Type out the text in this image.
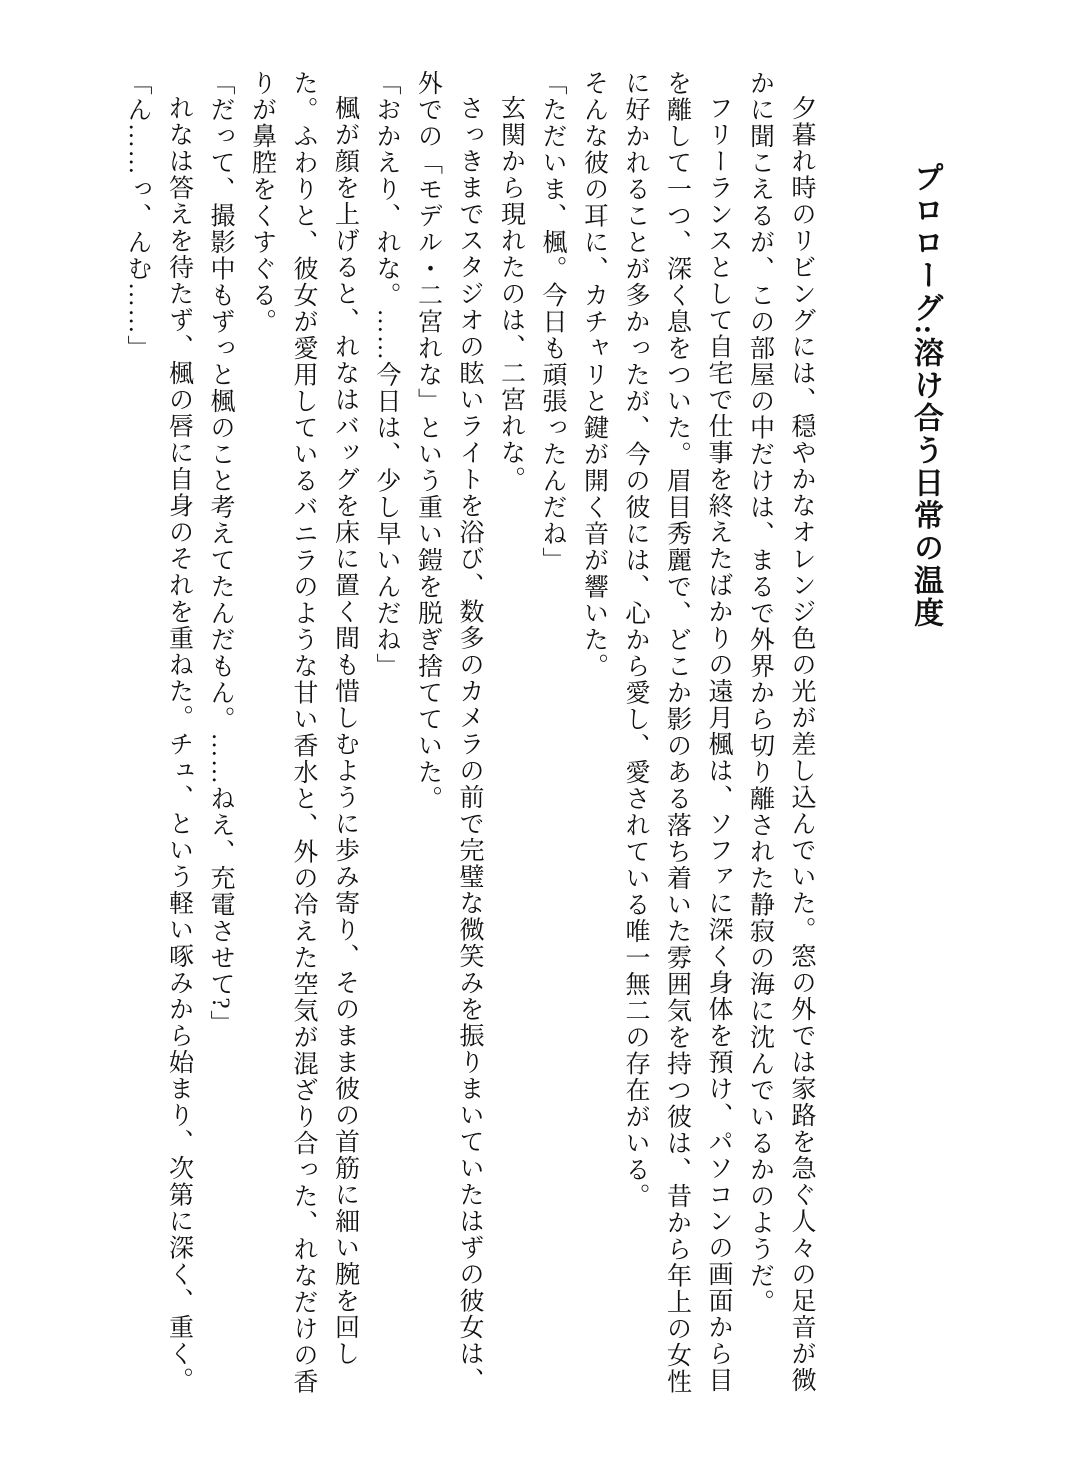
プロローグ:溶け合う日常の温度

夕暮れ時のリビングには、穏やかなオレンジ色の光が差し込んでいた。窓の外では家路を急ぐ人々の足音が微かに聞こえるが、この部屋の中だけは、まるで外界から切り離された静寂の海に沈んでいるかのようだ。

フリーランスとして自宅で仕事を終えたばかりの遠月楓は、ソファに深く身体を預け、パソコンの画面から目を離して一つ、深く息をついた。眉目秀麗で、どこか影のある落ち着いた雰囲気を持つ彼は、昔から年上の女性に好かれることが多かったが、今の彼には、心から愛し、愛されている唯一無二の存在がいる。

そんな彼の耳に、カチャリと鍵が開く音が響いた。

「ただいま、楓。今日も頑張ったんだね」

玄関から現れたのは、二宮れな。

さっきまでスタジオの眩いライトを浴び、数多のカメラの前で完璧な微笑みを振りまいていたはずの彼女は、外での「モデル・二宮れな」という重い鎧を脱ぎ捨てていた。

「おかえり、れな。……今日は、少し早いんだね」

楓が顔を上げると、れなはバッグを床に置く間も惜しむように歩み寄り、そのまま彼の首筋に細い腕を回した。ふわりと、彼女が愛用しているバニラのような甘い香水と、外の冷えた空気が混ざり合った、れなだけの香りが鼻腔をくすぐる。

「だって、撮影中もずっと楓のこと考えてたんだもん。……ねえ、充電させて?」

れなは答えを待たず、楓の唇に自身のそれを重ねた。チュ、という軽い啄みから始まり、次第に深く、重く。

「ん……っ、んむ……」
